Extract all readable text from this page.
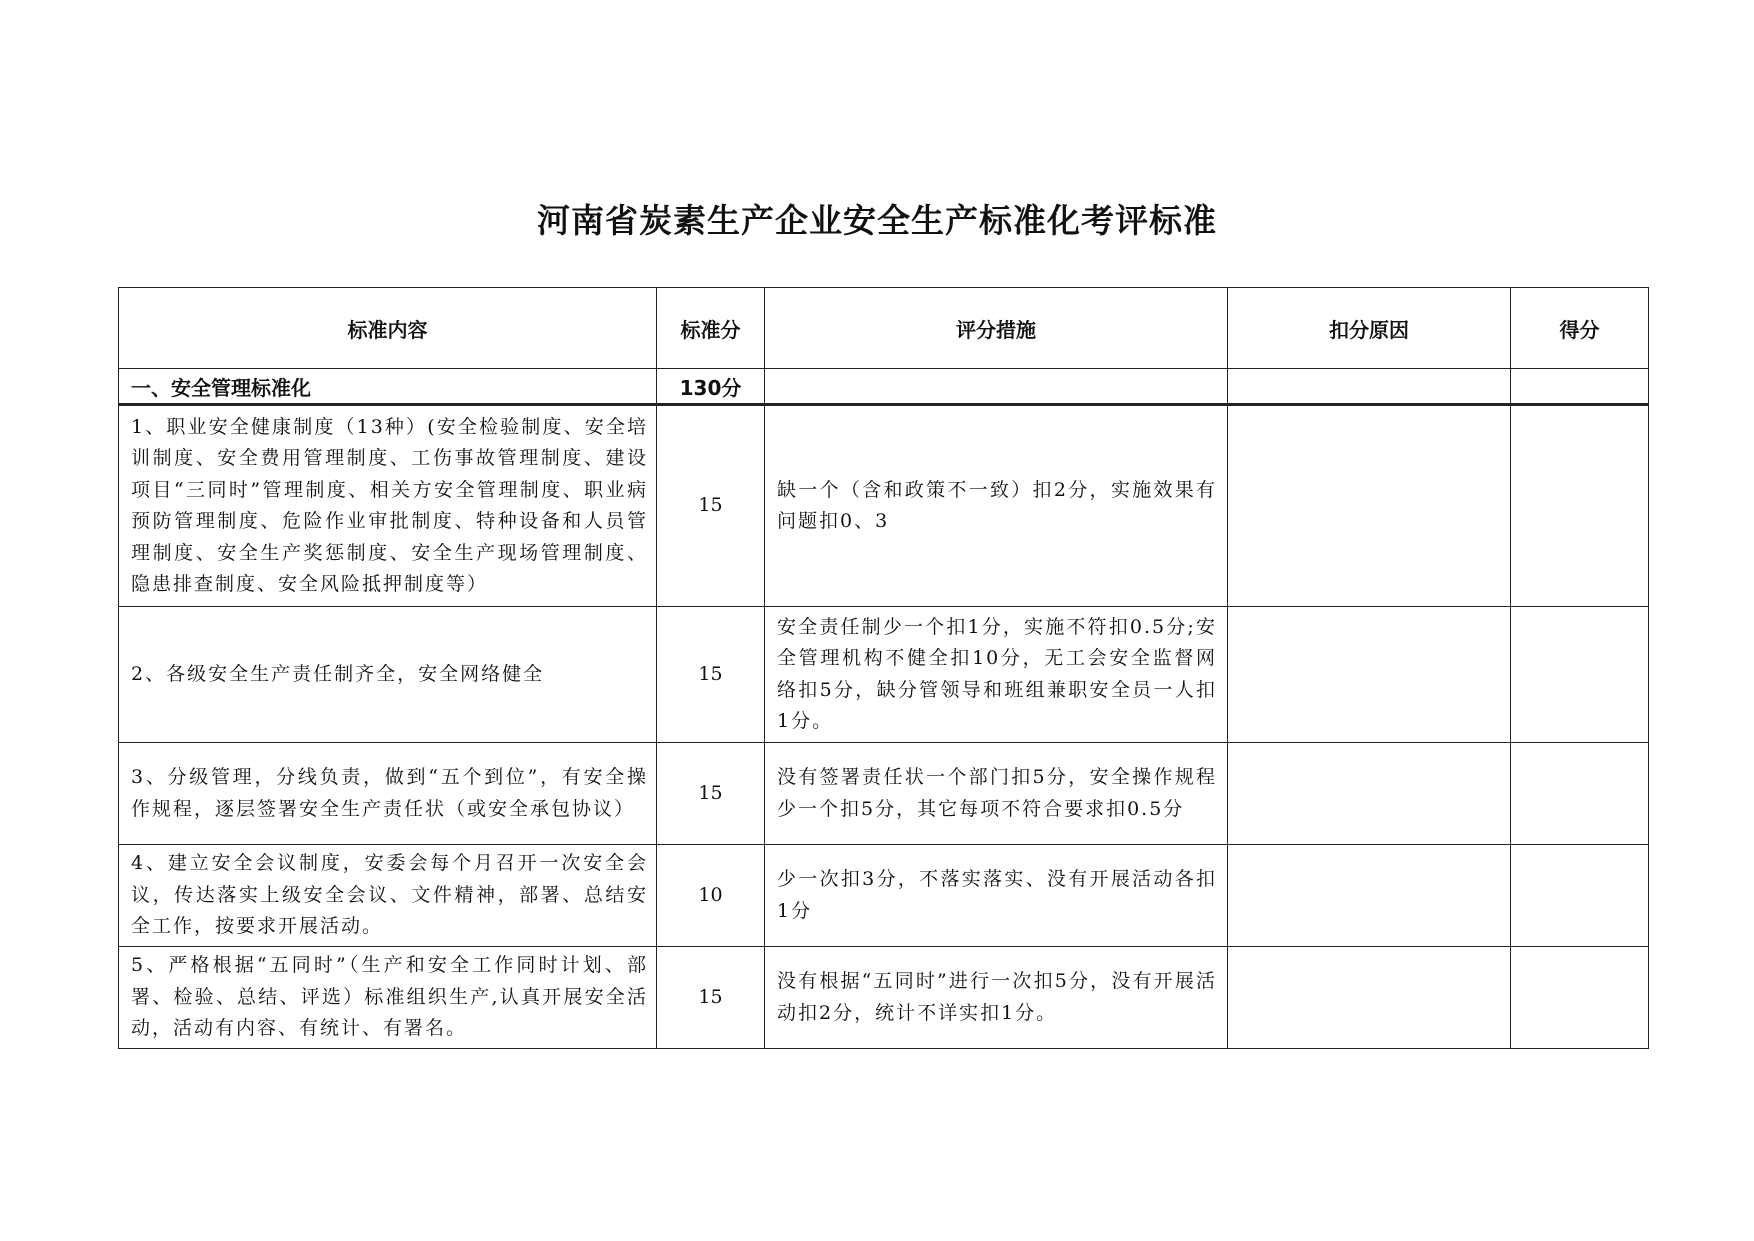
河南省炭素生产企业安全生产标准化考评标准
标准内容	标准分	评分措施	扣分原因	得分
一、安全管理标准化	130分			
1、职业安全健康制度（13种）(安全检验制度、安全培训制度、安全费用管理制度、工伤事故管理制度、建设项目“三同时”管理制度、相关方安全管理制度、职业病预防管理制度、危险作业审批制度、特种设备和人员管理制度、安全生产奖惩制度、安全生产现场管理制度、隐患排查制度、安全风险抵押制度等）	15	缺一个（含和政策不一致）扣2分，实施效果有问题扣0、3		
2、各级安全生产责任制齐全，安全网络健全	15	安全责任制少一个扣1分，实施不符扣0.5分;安全管理机构不健全扣10分，无工会安全监督网络扣5分，缺分管领导和班组兼职安全员一人扣1分。		
3、分级管理，分线负责，做到“五个到位”，有安全操作规程，逐层签署安全生产责任状（或安全承包协议）	15	没有签署责任状一个部门扣5分，安全操作规程少一个扣5分，其它每项不符合要求扣0.5分		
4、建立安全会议制度，安委会每个月召开一次安全会议，传达落实上级安全会议、文件精神，部署、总结安全工作，按要求开展活动。	10	少一次扣3分，不落实落实、没有开展活动各扣1分		
5、严格根据“五同时”（生产和安全工作同时计划、部署、检验、总结、评选）标准组织生产,认真开展安全活动，活动有内容、有统计、有署名。	15	没有根据“五同时”进行一次扣5分，没有开展活动扣2分，统计不详实扣1分。		
